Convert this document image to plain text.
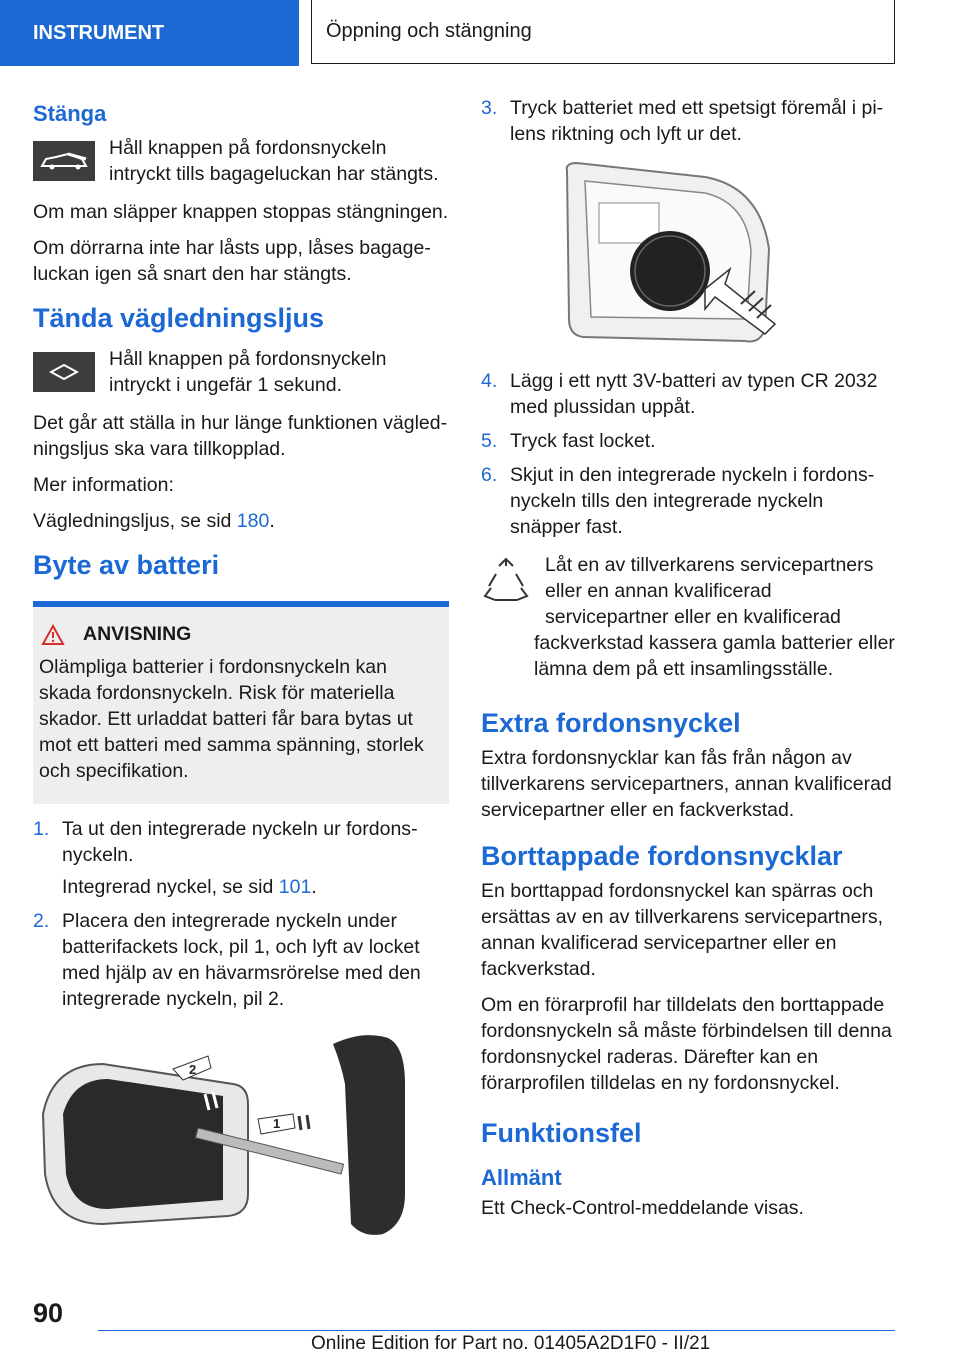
INSTRUMENT	Öppning och stängning
Stänga

Håll knappen på fordonsnyckeln intryckt tills bagageluckan har stängts.

Om man släpper knappen stoppas stängningen.

Om dörrarna inte har låsts upp, låses bagageluckan igen så snart den har stängts.

Tända vägledningsljus

Håll knappen på fordonsnyckeln intryckt i ungefär 1 sekund.

Det går att ställa in hur länge funktionen vägledningsljus ska vara tillkopplad.

Mer information:

Vägledningsljus, se sid 180.

Byte av batteri
ANVISNING

Olämpliga batterier i fordonsnyckeln kan skada fordonsnyckeln. Risk för materiella skador. Ett urladdat batteri får bara bytas ut mot ett batteri med samma spänning, storlek och specifikation.

1. Ta ut den integrerade nyckeln ur fordonsnyckeln.
Integrerad nyckel, se sid 101.
2. Placera den integrerade nyckeln under batterifackets lock, pil 1, och lyft av locket med hjälp av en hävarmsrörelse med den integrerade nyckeln, pil 2.
2
1
3. Tryck batteriet med ett spetsigt föremål i pilens riktning och lyft ur det.
4. Lägg i ett nytt 3V-batteri av typen CR 2032 med plussidan uppåt.
5. Tryck fast locket.
6. Skjut in den integrerade nyckeln i fordonsnyckeln tills den integrerade nyckeln snäpper fast.

Låt en av tillverkarens servicepartners eller en annan kvalificerad servicepartner eller en kvalificerad fackverkstad kassera gamla batterier eller lämna dem på ett insamlingsställe.

Extra fordonsnyckel

Extra fordonsnycklar kan fås från någon av tillverkarens servicepartners, annan kvalificerad servicepartner eller en fackverkstad.

Borttappade fordonsnycklar

En borttappad fordonsnyckel kan spärras och ersättas av en av tillverkarens servicepartners, annan kvalificerad servicepartner eller en fackverkstad.

Om en förarprofil har tilldelats den borttappade fordonsnyckeln så måste förbindelsen till denna fordonsnyckel raderas. Därefter kan en förarprofilen tilldelas en ny fordonsnyckel.

Funktionsfel
Allmänt

Ett Check-Control-meddelande visas.

90
Online Edition for Part no. 01405A2D1F0 - II/21
